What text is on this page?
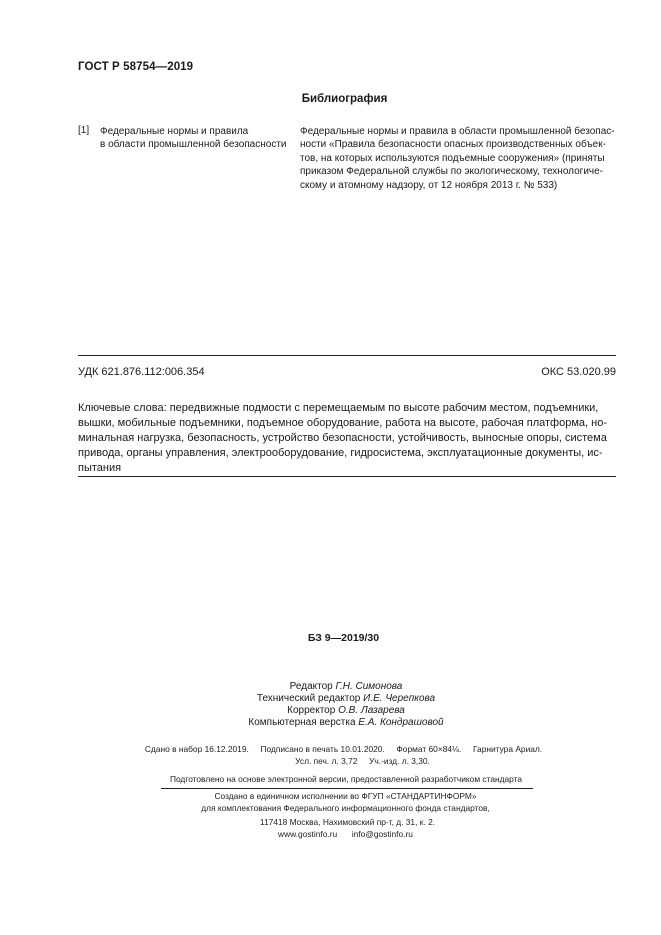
ГОСТ Р 58754—2019
Библиография
[1] Федеральные нормы и правила
в области промышленной безопасности
Федеральные нормы и правила в области промышленной безопас-
ности «Правила безопасности опасных производственных объек-
тов, на которых используются подъемные сооружения» (приняты
приказом Федеральной службы по экологическому, технологиче-
скому и атомному надзору, от 12 ноября 2013 г. № 533)
УДК 621.876.112:006.354	ОКС 53.020.99
Ключевые слова: передвижные подмости с перемещаемым по высоте рабочим местом, подъемники,
вышки, мобильные подъемники, подъемное оборудование, работа на высоте, рабочая платформа, но-
минальная нагрузка, безопасность, устройство безопасности, устойчивость, выносные опоры, система
привода, органы управления, электрооборудование, гидросистема, эксплуатационные документы, ис-
пытания
БЗ 9—2019/30
Редактор Г.Н. Симонова
Технический редактор И.Е. Черепкова
Корректор О.В. Лазарева
Компьютерная верстка Е.А. Кондрашовой
Сдано в набор 16.12.2019.     Подписано в печать 10.01.2020.     Формат 60×84⅛.     Гарнитура Ариал.
Усл. печ. л. 3,72     Уч.-изд. л. 3,30.
Подготовлено на основе электронной версии, предоставленной разработчиком стандарта
Создано в единичном исполнении во ФГУП «СТАНДАРТИНФОРМ»
для комплектования Федерального информационного фонда стандартов,
117418 Москва, Нахимовский пр-т, д. 31, к. 2.
www.gostinfo.ru info@gostinfo.ru
